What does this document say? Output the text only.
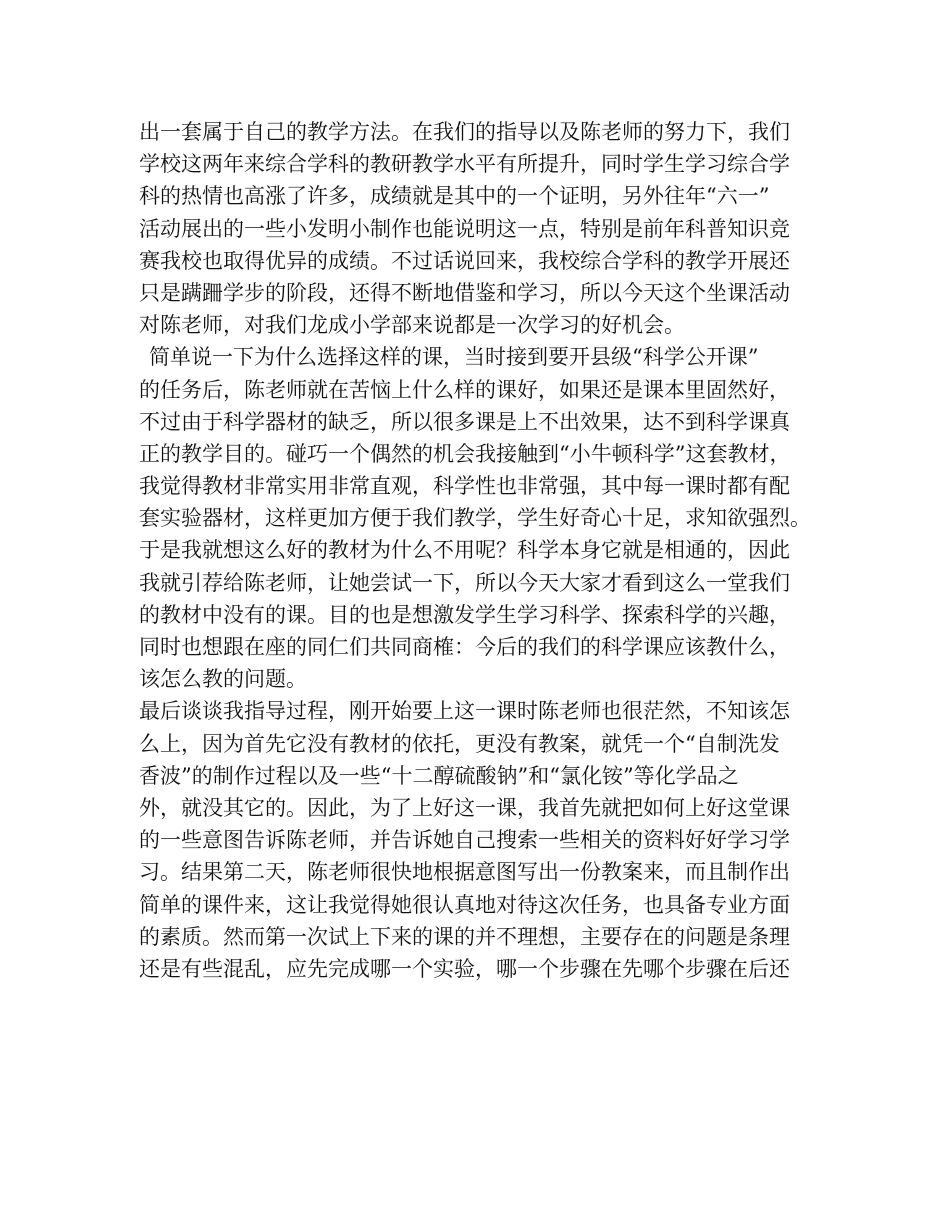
出一套属于自己的教学方法。在我们的指导以及陈老师的努力下，我们
学校这两年来综合学科的教研教学水平有所提升，同时学生学习综合学
科的热情也高涨了许多，成绩就是其中的一个证明，另外往年“六一”
活动展出的一些小发明小制作也能说明这一点，特别是前年科普知识竞
赛我校也取得优异的成绩。不过话说回来，我校综合学科的教学开展还
只是蹒跚学步的阶段，还得不断地借鉴和学习，所以今天这个坐课活动
对陈老师，对我们龙成小学部来说都是一次学习的好机会。
简单说一下为什么选择这样的课，当时接到要开县级“科学公开课”
的任务后，陈老师就在苦恼上什么样的课好，如果还是课本里固然好，
不过由于科学器材的缺乏，所以很多课是上不出效果，达不到科学课真
正的教学目的。碰巧一个偶然的机会我接触到“小牛顿科学”这套教材，
我觉得教材非常实用非常直观，科学性也非常强，其中每一课时都有配
套实验器材，这样更加方便于我们教学，学生好奇心十足，求知欲强烈。
于是我就想这么好的教材为什么不用呢？科学本身它就是相通的，因此
我就引荐给陈老师，让她尝试一下，所以今天大家才看到这么一堂我们
的教材中没有的课。目的也是想激发学生学习科学、探索科学的兴趣，
同时也想跟在座的同仁们共同商榷：今后的我们的科学课应该教什么，
该怎么教的问题。
最后谈谈我指导过程，刚开始要上这一课时陈老师也很茫然，不知该怎
么上，因为首先它没有教材的依托，更没有教案，就凭一个“自制洗发
香波”的制作过程以及一些“十二醇硫酸钠”和“氯化铵”等化学品之
外，就没其它的。因此，为了上好这一课，我首先就把如何上好这堂课
的一些意图告诉陈老师，并告诉她自己搜索一些相关的资料好好学习学
习。结果第二天，陈老师很快地根据意图写出一份教案来，而且制作出
简单的课件来，这让我觉得她很认真地对待这次任务，也具备专业方面
的素质。然而第一次试上下来的课的并不理想，主要存在的问题是条理
还是有些混乱，应先完成哪一个实验，哪一个步骤在先哪个步骤在后还
